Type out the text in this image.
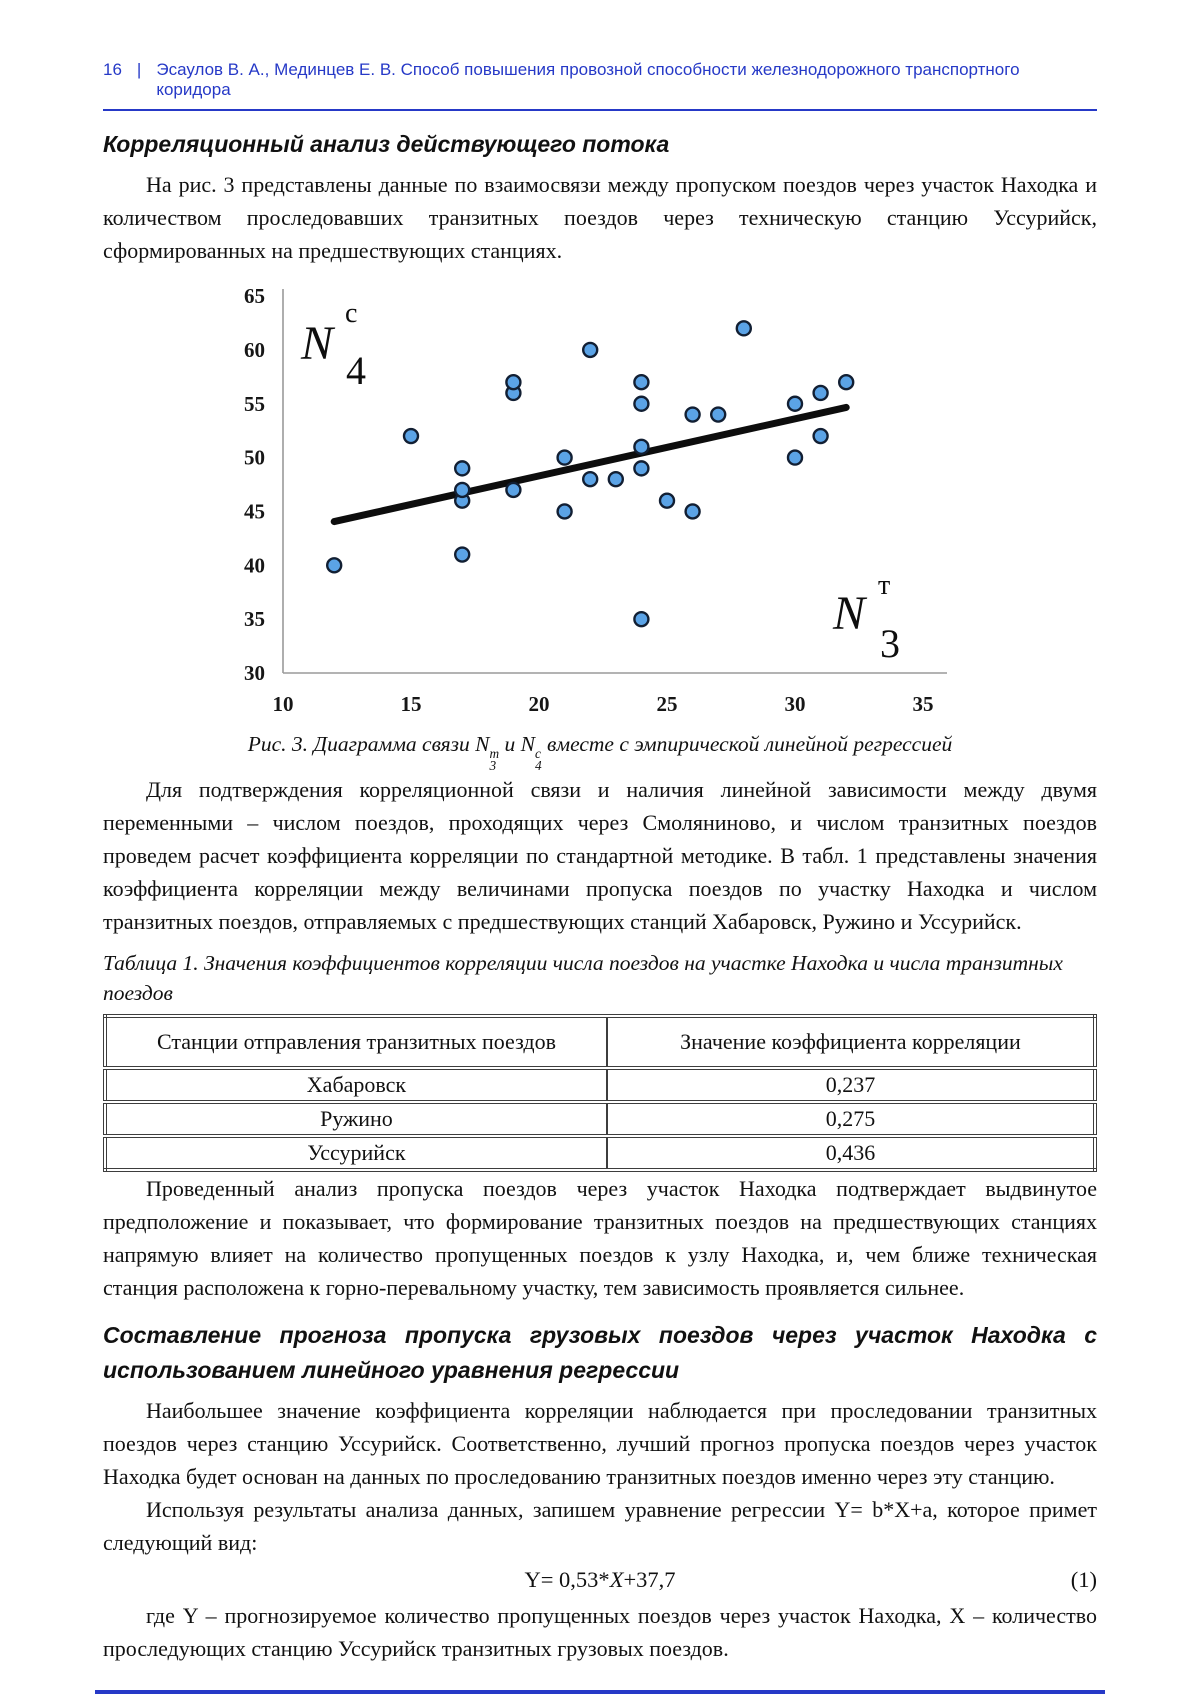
16 | Эсаулов В. А., Мединцев Е. В. Способ повышения провозной способности железнодорожного транспортного коридора
Корреляционный анализ действующего потока

На рис. 3 представлены данные по взаимосвязи между пропуском поездов через участок Находка и количеством проследовавших транзитных поездов через техническую станцию Уссурийск, сформированных на предшествующих станциях.

30
35
40
45
50
55
60
65
10	15	20	25	30	35
N
с
4
N
т
3
Рис. 3. Диаграмма связи N т
3
и N с
4
вместе с эмпирической линейной регрессией

Для подтверждения корреляционной связи и наличия линейной зависимости между двумя переменными – числом поездов, проходящих через Смоляниново, и числом транзитных поездов проведем расчет коэффициента корреляции по стандартной методике. В табл. 1 представлены значения коэффициента корреляции между величинами пропуска поездов по участку Находка и числом транзитных поездов, отправляемых с предшествующих станций Хабаровск, Ружино и Уссурийск.

Таблица 1. Значения коэффициентов корреляции числа поездов на участке Находка и числа транзитных поездов
Станции отправления транзитных поездов	Значение коэффициента корреляции
Хабаровск	0,237
Ружино	0,275
Уссурийск	0,436

Проведенный анализ пропуска поездов через участок Находка подтверждает выдвинутое предположение и показывает, что формирование транзитных поездов на предшествующих станциях напрямую влияет на количество пропущенных поездов к узлу Находка, и, чем ближе техническая станция расположена к горно-перевальному участку, тем зависимость проявляется сильнее.

Составление прогноза пропуска грузовых поездов через участок Находка с использованием линейного уравнения регрессии

Наибольшее значение коэффициента корреляции наблюдается при проследовании транзитных поездов через станцию Уссурийск. Соответственно, лучший прогноз пропуска поездов через участок Находка будет основан на данных по проследованию транзитных поездов именно через эту станцию.

Используя результаты анализа данных, запишем уравнение регрессии Y= b*X+a, которое примет следующий вид:

Y= 0,53*X+37,7	(1)

где Y – прогнозируемое количество пропущенных поездов через участок Находка, X – количество проследующих станцию Уссурийск транзитных грузовых поездов.
